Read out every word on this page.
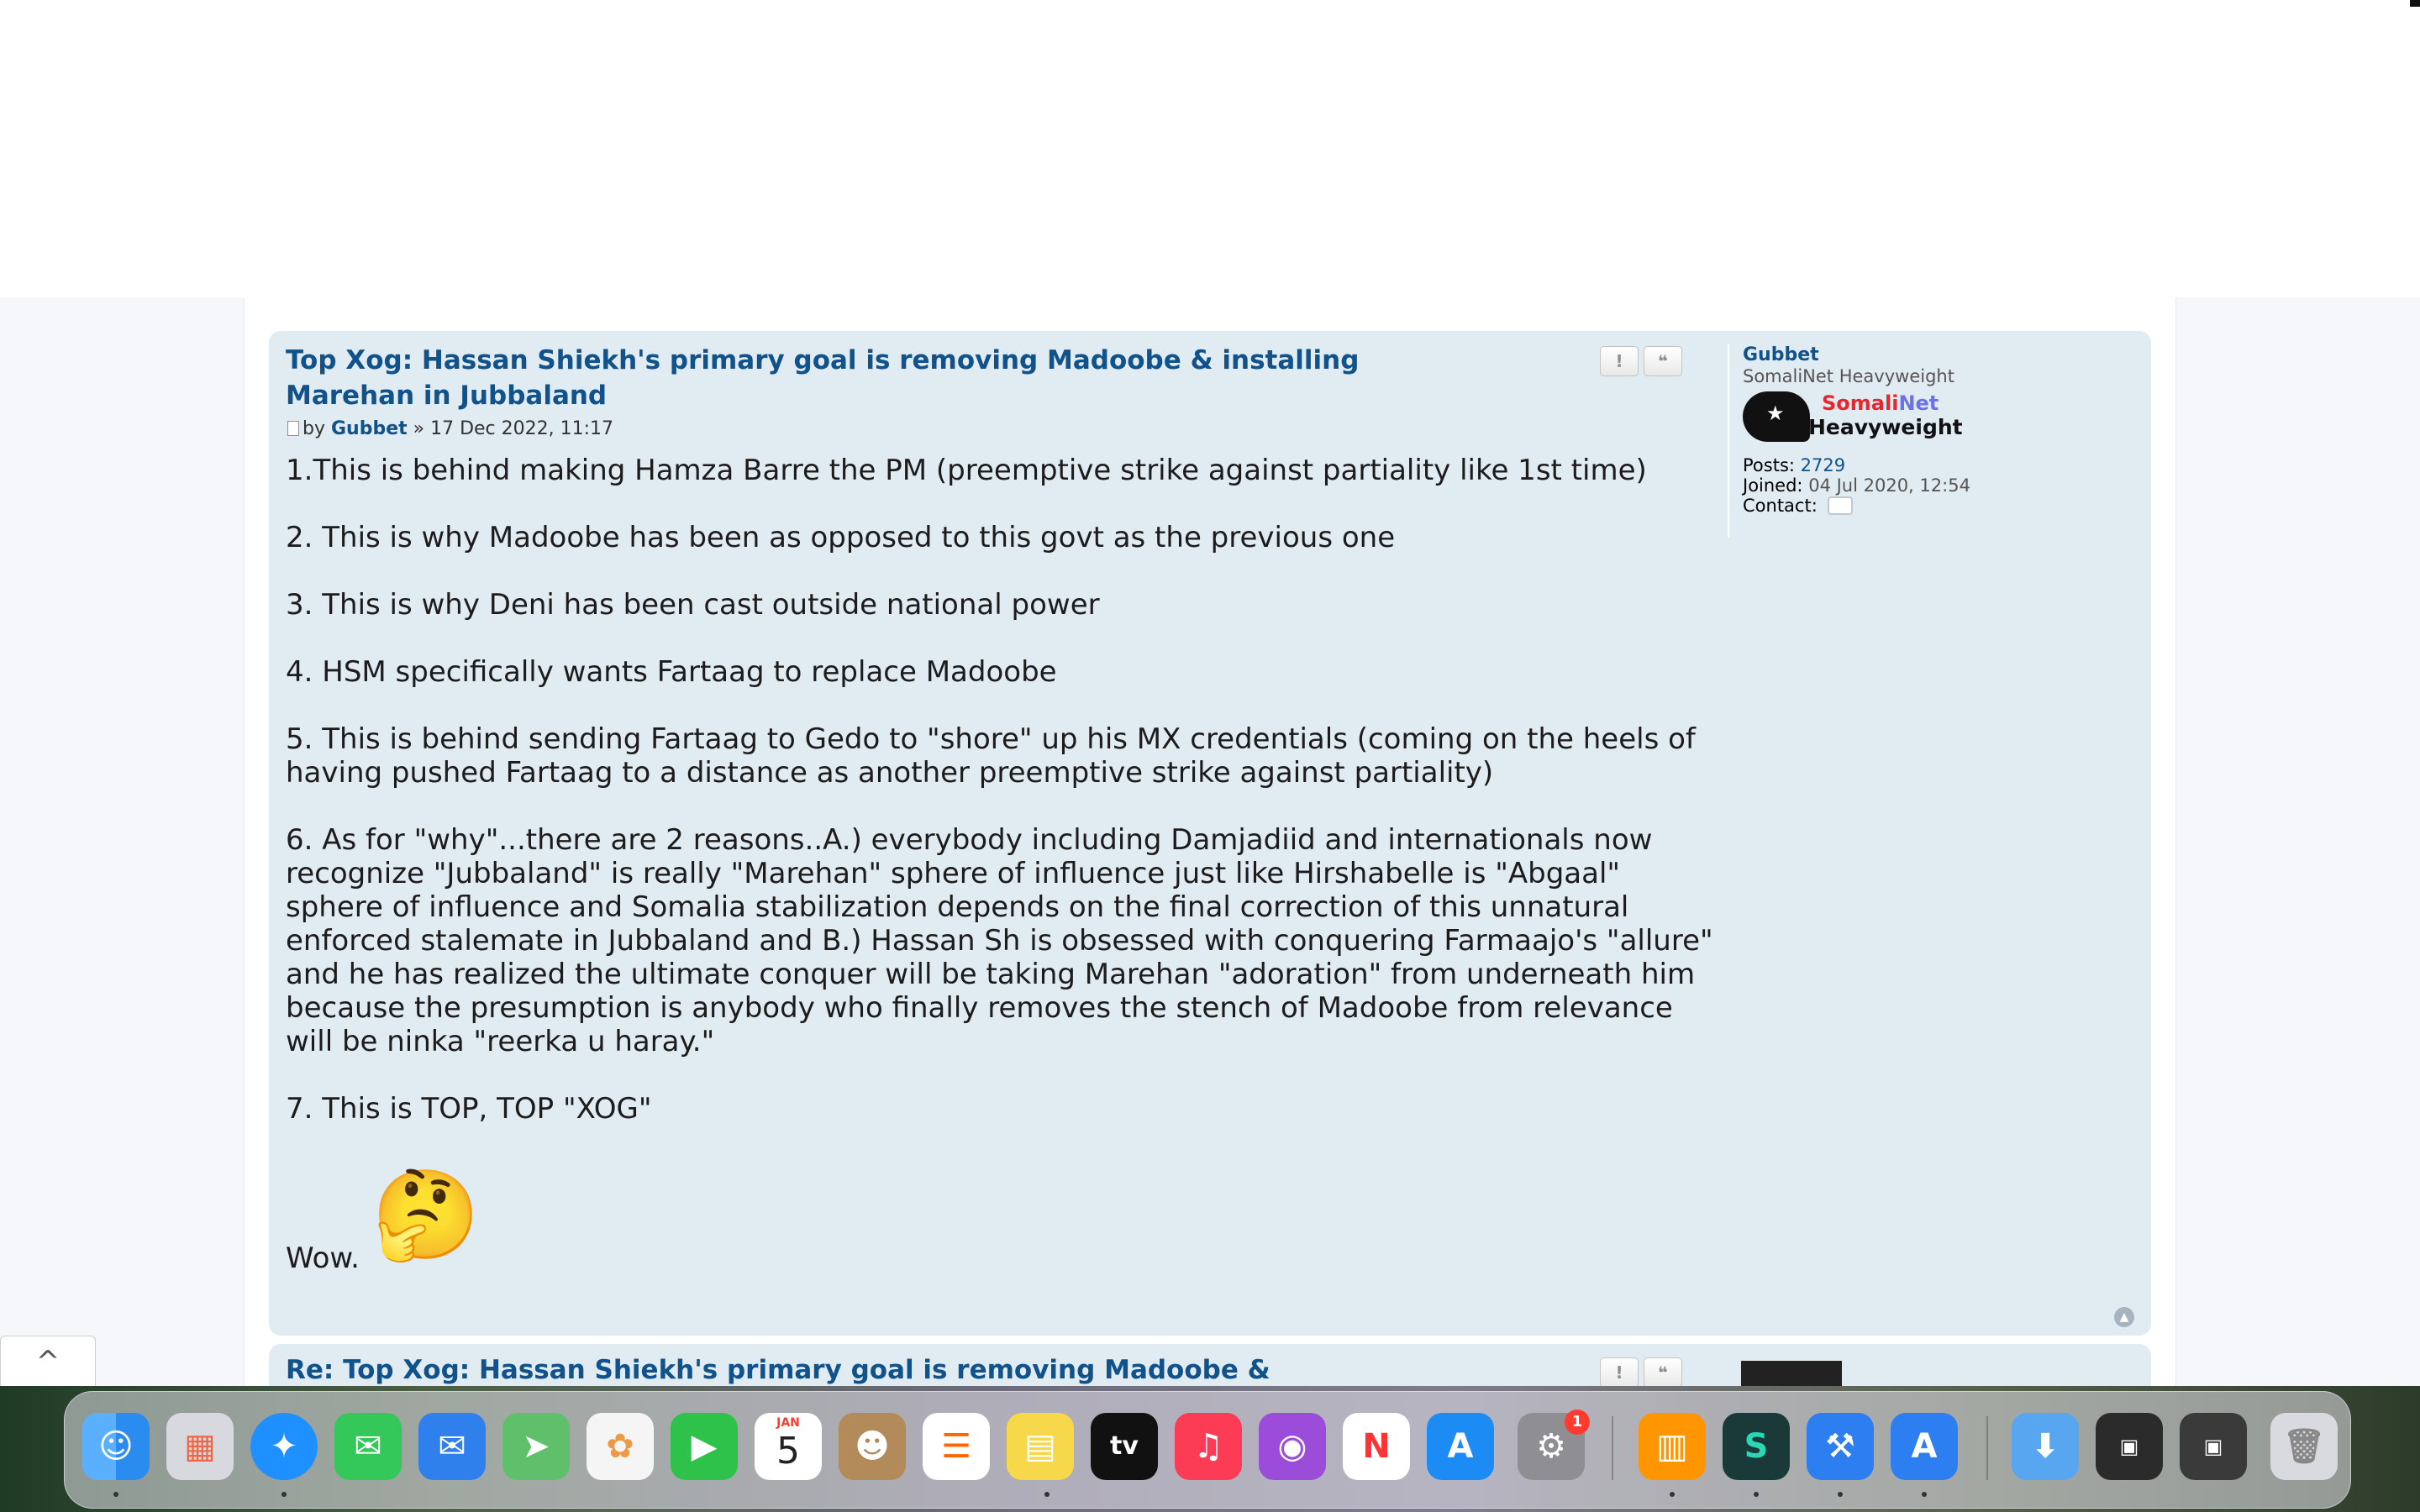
Top Xog: Hassan Shiekh's primary goal is removing Madoobe & installing Marehan in Jubbaland
by Gubbet » 17 Dec 2022, 11:17
!	❝

1.This is behind making Hamza Barre the PM (preemptive strike against partiality like 1st time)

2. This is why Madoobe has been as opposed to this govt as the previous one

3. This is why Deni has been cast outside national power

4. HSM specifically wants Fartaag to replace Madoobe

5. This is behind sending Fartaag to Gedo to "shore" up his MX credentials (coming on the heels of having pushed Fartaag to a distance as another preemptive strike against partiality)

6. As for "why"...there are 2 reasons..A.) everybody including Damjadiid and internationals now recognize "Jubbaland" is really "Marehan" sphere of influence just like Hirshabelle is "Abgaal" sphere of influence and Somalia stabilization depends on the final correction of this unnatural enforced stalemate in Jubbaland and B.) Hassan Sh is obsessed with conquering Farmaajo's "allure" and he has realized the ultimate conquer will be taking Marehan "adoration" from underneath him because the presumption is anybody who finally removes the stench of Madoobe from relevance will be ninka "reerka u haray."

7. This is TOP, TOP "XOG"

Wow. 🤔
Gubbet
SomaliNet Heavyweight
★ SomaliNet
Heavyweight
Posts: 2729
Joined: 04 Jul 2020, 12:54
Contact:
▲
Re: Top Xog: Hassan Shiekh's primary goal is removing Madoobe &	!	❝
^
☺	▦	✦	✉	✉	➤	✿	▶
JAN
5	☻	☰	▤	tv	♫	◉	N	A	⚙
1
▥	S	⚒	A	⬇	▣	▣	🗑
